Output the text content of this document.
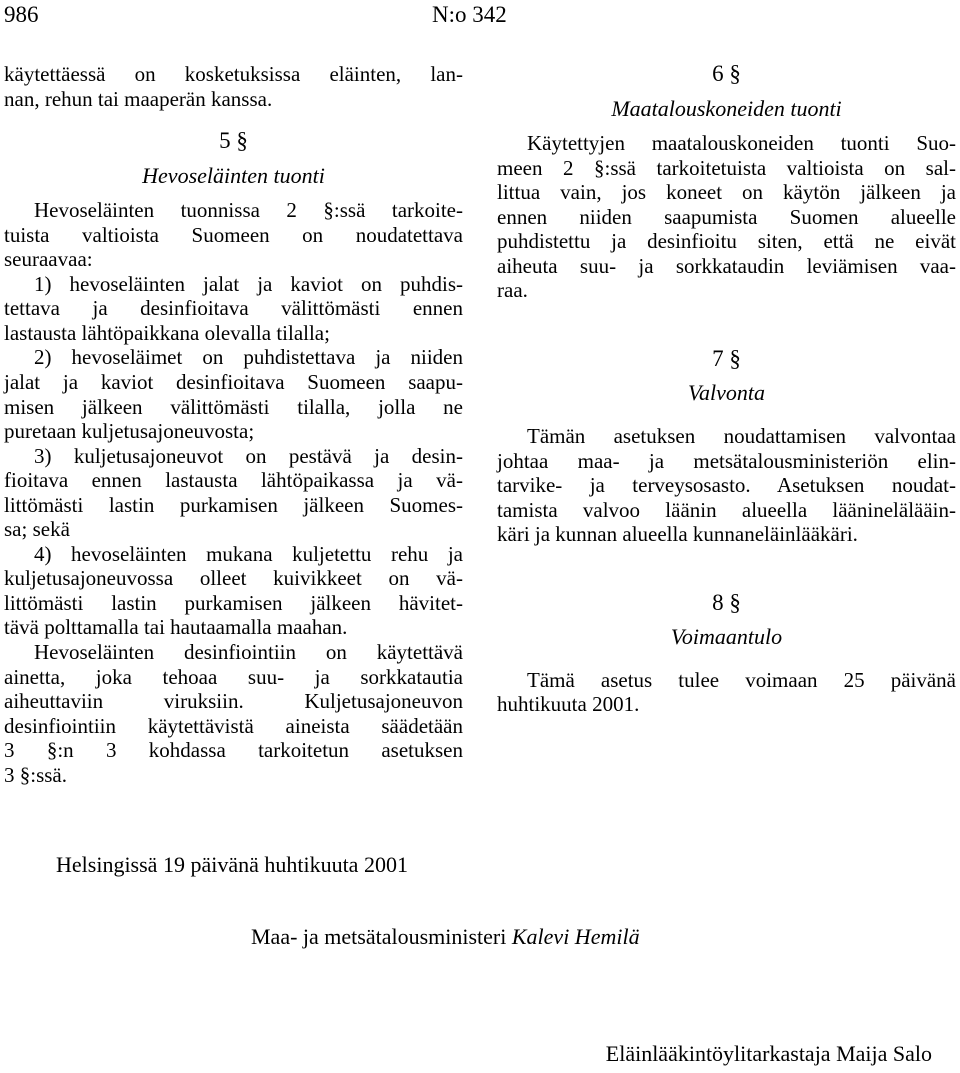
986	N:o 342

käytettäessä on kosketuksissa eläinten, lan-

nan, rehun tai maaperän kanssa.

5 §

Hevoseläinten tuonti

Hevoseläinten tuonnissa 2 §:ssä tarkoite-

tuista valtioista Suomeen on noudatettava

seuraavaa:

1) hevoseläinten jalat ja kaviot on puhdis-

tettava ja desinfioitava välittömästi ennen

lastausta lähtöpaikkana olevalla tilalla;

2) hevoseläimet on puhdistettava ja niiden

jalat ja kaviot desinfioitava Suomeen saapu-

misen jälkeen välittömästi tilalla, jolla ne

puretaan kuljetusajoneuvosta;

3) kuljetusajoneuvot on pestävä ja desin-

fioitava ennen lastausta lähtöpaikassa ja vä-

littömästi lastin purkamisen jälkeen Suomes-

sa; sekä

4) hevoseläinten mukana kuljetettu rehu ja

kuljetusajoneuvossa olleet kuivikkeet on vä-

littömästi lastin purkamisen jälkeen hävitet-

tävä polttamalla tai hautaamalla maahan.

Hevoseläinten desinfiointiin on käytettävä

ainetta, joka tehoaa suu- ja sorkkatautia

aiheuttaviin viruksiin. Kuljetusajoneuvon

desinfiointiin käytettävistä aineista säädetään

3 §:n 3 kohdassa tarkoitetun asetuksen

3 §:ssä.

6 §

Maatalouskoneiden tuonti

Käytettyjen maatalouskoneiden tuonti Suo-

meen 2 §:ssä tarkoitetuista valtioista on sal-

littua vain, jos koneet on käytön jälkeen ja

ennen niiden saapumista Suomen alueelle

puhdistettu ja desinfioitu siten, että ne eivät

aiheuta suu- ja sorkkataudin leviämisen vaa-

raa.

7 §

Valvonta

Tämän asetuksen noudattamisen valvontaa

johtaa maa- ja metsätalousministeriön elin-

tarvike- ja terveysosasto. Asetuksen noudat-

tamista valvoo läänin alueella lääninelälääin-

käri ja kunnan alueella kunnaneläinlääkäri.

8 §

Voimaantulo

Tämä asetus tulee voimaan 25 päivänä

huhtikuuta 2001.

Helsingissä 19 päivänä huhtikuuta 2001
Maa- ja metsätalousministeri Kalevi Hemilä
Eläinlääkintöylitarkastaja Maija Salo
